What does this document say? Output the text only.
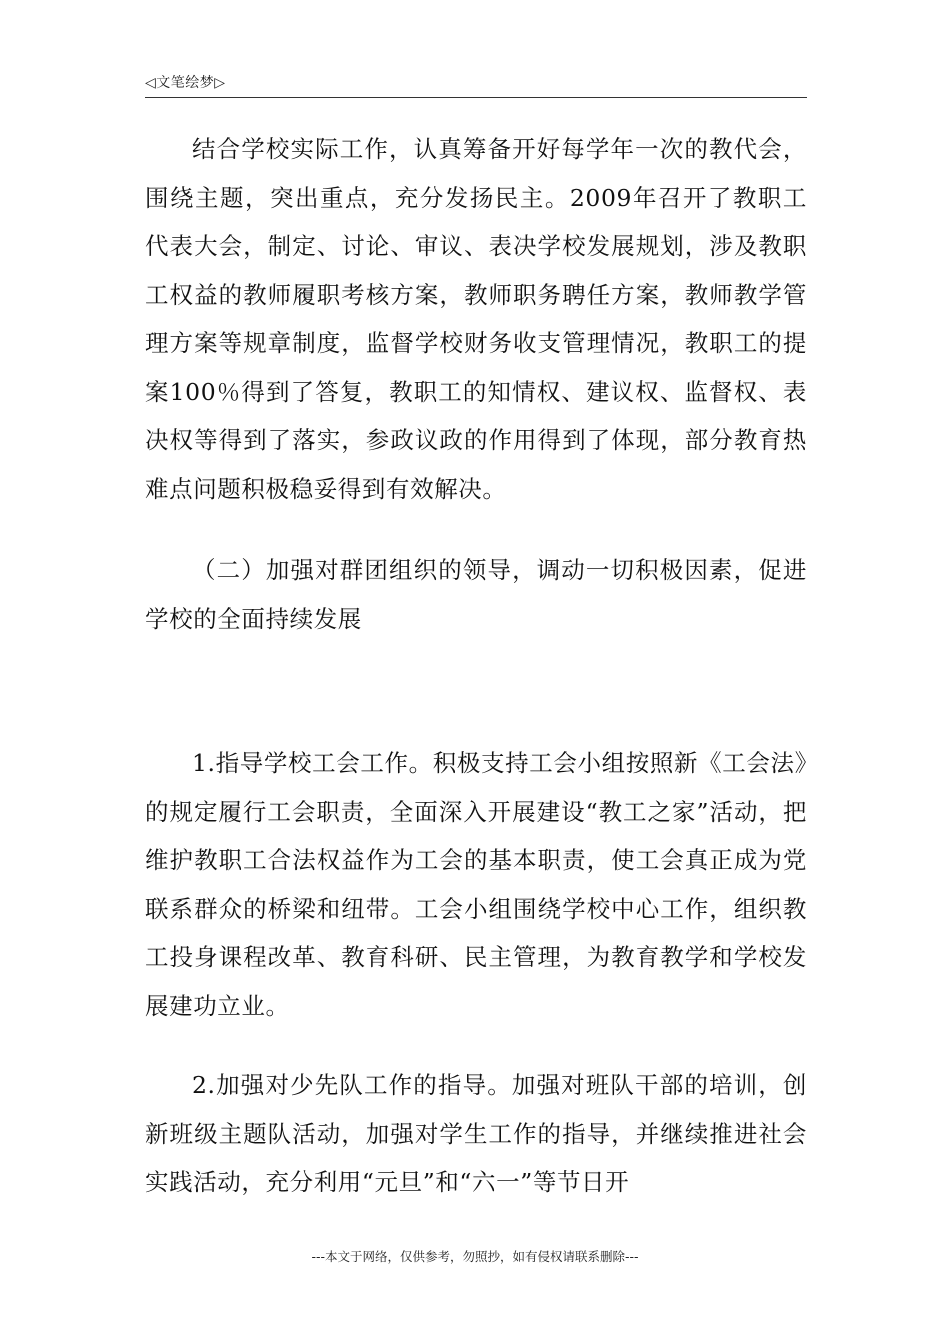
◁文笔绘梦▷
结合学校实际工作，认真筹备开好每学年一次的教代会，围绕主题，突出重点，充分发扬民主。2009年召开了教职工代表大会，制定、讨论、审议、表决学校发展规划，涉及教职工权益的教师履职考核方案，教师职务聘任方案，教师教学管理方案等规章制度，监督学校财务收支管理情况，教职工的提案100％得到了答复，教职工的知情权、建议权、监督权、表决权等得到了落实，参政议政的作用得到了体现，部分教育热难点问题积极稳妥得到有效解决。
（二）加强对群团组织的领导，调动一切积极因素，促进学校的全面持续发展
1.指导学校工会工作。积极支持工会小组按照新《工会法》的规定履行工会职责，全面深入开展建设“教工之家”活动，把维护教职工合法权益作为工会的基本职责，使工会真正成为党联系群众的桥梁和纽带。工会小组围绕学校中心工作，组织教工投身课程改革、教育科研、民主管理，为教育教学和学校发展建功立业。
2.加强对少先队工作的指导。加强对班队干部的培训，创新班级主题队活动，加强对学生工作的指导，并继续推进社会实践活动，充分利用“元旦”和“六一”等节日开
---本文于网络，仅供参考，勿照抄，如有侵权请联系删除---
